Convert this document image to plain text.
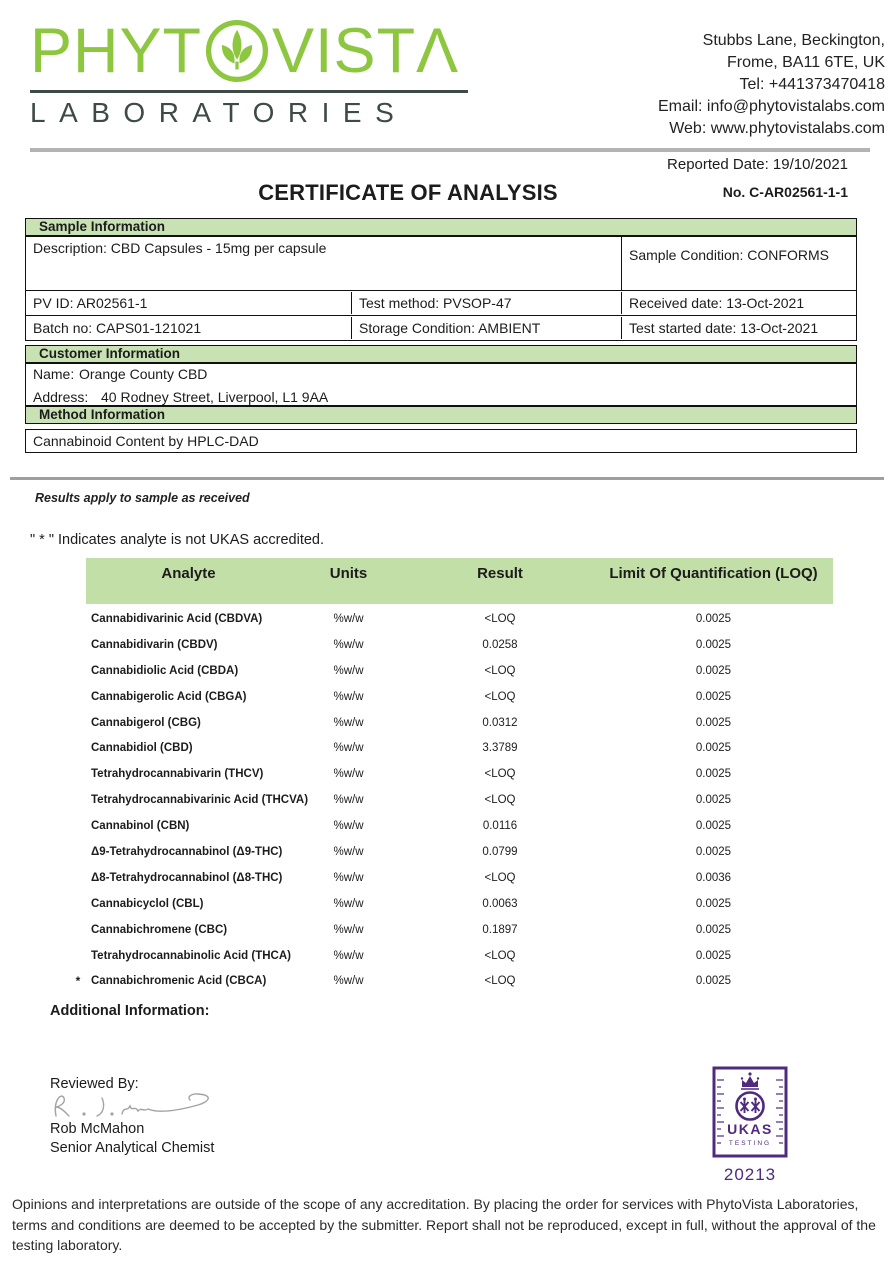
PHYT VISTΛ
LABORATORIES
Stubbs Lane, Beckington,
Frome, BA11 6TE, UK
Tel: +441373470418
Email: info@phytovistalabs.com
Web: www.phytovistalabs.com
Reported Date: 19/10/2021
CERTIFICATE OF ANALYSIS	No. C-AR02561-1-1
Sample Information
Description: CBD Capsules - 15mg per capsule	Sample Condition: CONFORMS
PV ID: AR02561-1	Test method: PVSOP-47	Received date: 13-Oct-2021
Batch no: CAPS01-121021	Storage Condition: AMBIENT	Test started date: 13-Oct-2021
Customer Information
Name: Orange County CBD
Address: 40 Rodney Street, Liverpool, L1 9AA
Method Information
Cannabinoid Content by HPLC-DAD
Results apply to sample as received
" * " Indicates analyte is not UKAS accredited.
Analyte	Units	Result	Limit Of Quantification (LOQ)
Cannabidivarinic Acid (CBDVA)	%w/w	<LOQ	0.0025
Cannabidivarin (CBDV)	%w/w	0.0258	0.0025
Cannabidiolic Acid (CBDA)	%w/w	<LOQ	0.0025
Cannabigerolic Acid (CBGA)	%w/w	<LOQ	0.0025
Cannabigerol (CBG)	%w/w	0.0312	0.0025
Cannabidiol (CBD)	%w/w	3.3789	0.0025
Tetrahydrocannabivarin (THCV)	%w/w	<LOQ	0.0025
Tetrahydrocannabivarinic Acid (THCVA)	%w/w	<LOQ	0.0025
Cannabinol (CBN)	%w/w	0.0116	0.0025
Δ9-Tetrahydrocannabinol (Δ9-THC)	%w/w	0.0799	0.0025
Δ8-Tetrahydrocannabinol (Δ8-THC)	%w/w	<LOQ	0.0036
Cannabicyclol (CBL)	%w/w	0.0063	0.0025
Cannabichromene (CBC)	%w/w	0.1897	0.0025
Tetrahydrocannabinolic Acid (THCA)	%w/w	<LOQ	0.0025
* Cannabichromenic Acid (CBCA)	%w/w	<LOQ	0.0025
Additional Information:
Reviewed By:
Rob McMahon
Senior Analytical Chemist
UKAS
TESTING
20213
Opinions and interpretations are outside of the scope of any accreditation. By placing the order for services with PhytoVista Laboratories, terms and conditions are deemed to be accepted by the submitter. Report shall not be reproduced, except in full, without the approval of the testing laboratory.
